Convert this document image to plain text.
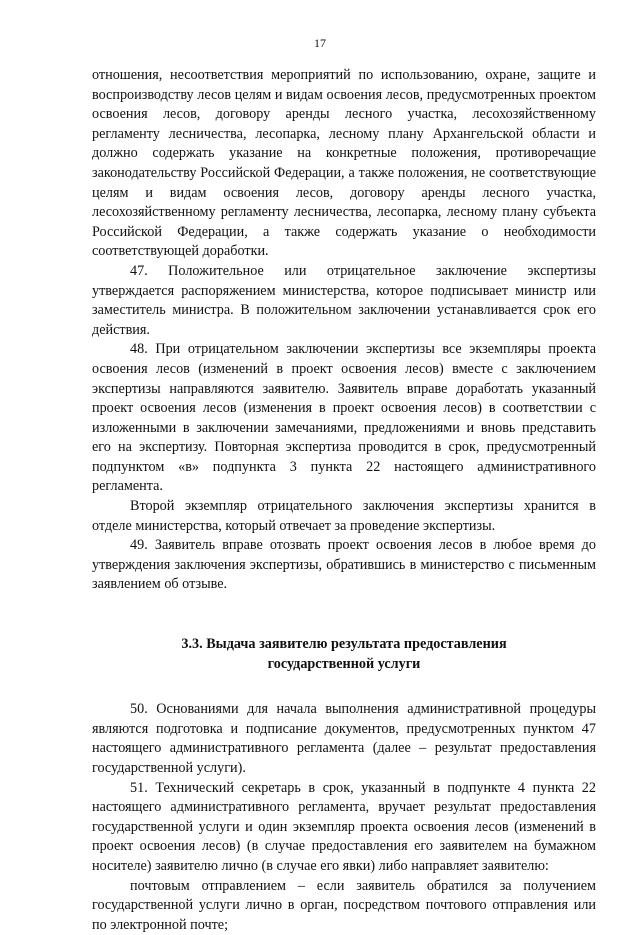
17

отношения, несоответствия мероприятий по использованию, охране, защите и воспроизводству лесов целям и видам освоения лесов, предусмотренных проектом освоения лесов, договору аренды лесного участка, лесохозяйственному регламенту лесничества, лесопарка, лесному плану Архангельской области и должно содержать указание на конкретные положения, противоречащие законодательству Российской Федерации, а также положения, не соответствующие целям и видам освоения лесов, договору аренды лесного участка, лесохозяйственному регламенту лесничества, лесопарка, лесному плану субъекта Российской Федерации, а также содержать указание о необходимости соответствующей доработки.

47. Положительное или отрицательное заключение экспертизы утверждается распоряжением министерства, которое подписывает министр или заместитель министра. В положительном заключении устанавливается срок его действия.

48. При отрицательном заключении экспертизы все экземпляры проекта освоения лесов (изменений в проект освоения лесов) вместе с заключением экспертизы направляются заявителю. Заявитель вправе доработать указанный проект освоения лесов (изменения в проект освоения лесов) в соответствии с изложенными в заключении замечаниями, предложениями и вновь представить его на экспертизу. Повторная экспертиза проводится в срок, предусмотренный подпунктом «в» подпункта 3 пункта 22 настоящего административного регламента.

Второй экземпляр отрицательного заключения экспертизы хранится в отделе министерства, который отвечает за проведение экспертизы.

49. Заявитель вправе отозвать проект освоения лесов в любое время до утверждения заключения экспертизы, обратившись в министерство с письменным заявлением об отзыве.

3.3. Выдача заявителю результата предоставления
государственной услуги

50. Основаниями для начала выполнения административной процедуры являются подготовка и подписание документов, предусмотренных пунктом 47 настоящего административного регламента (далее – результат предоставления государственной услуги).

51. Технический секретарь в срок, указанный в подпункте 4 пункта 22 настоящего административного регламента, вручает результат предоставления государственной услуги и один экземпляр проекта освоения лесов (изменений в проект освоения лесов) (в случае предоставления его заявителем на бумажном носителе) заявителю лично (в случае его явки) либо направляет заявителю:

почтовым отправлением – если заявитель обратился за получением государственной услуги лично в орган, посредством почтового отправления или по электронной почте;
